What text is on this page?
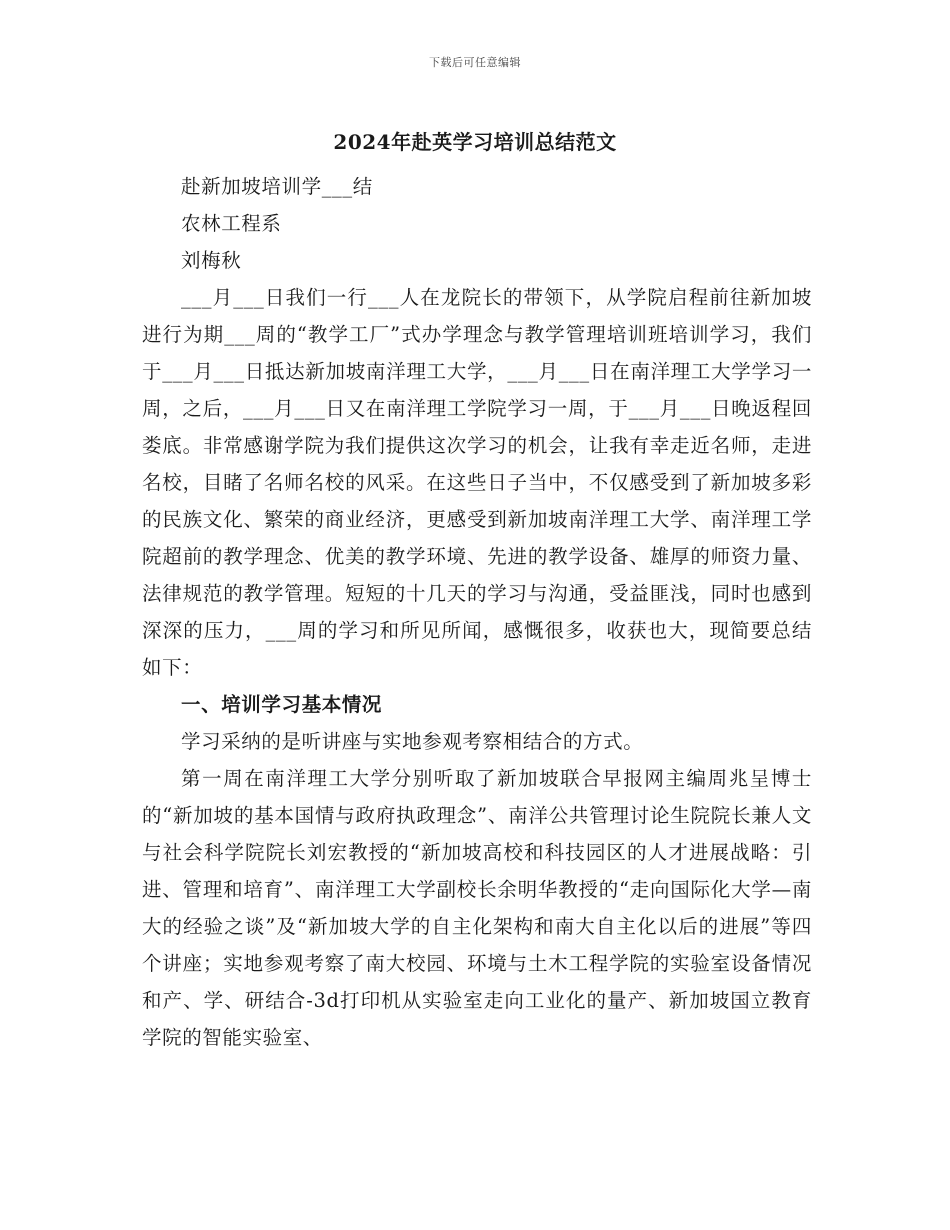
下载后可任意编辑
2024年赴英学习培训总结范文

赴新加坡培训学___结

农林工程系

刘梅秋

___月___日我们一行___人在龙院长的带领下，从学院启程前往新加坡进行为期___周的“教学工厂”式办学理念与教学管理培训班培训学习，我们于___月___日抵达新加坡南洋理工大学，___月___日在南洋理工大学学习一周，之后，___月___日又在南洋理工学院学习一周，于___月___日晚返程回娄底。非常感谢学院为我们提供这次学习的机会，让我有幸走近名师，走进名校，目睹了名师名校的风采。在这些日子当中，不仅感受到了新加坡多彩的民族文化、繁荣的商业经济，更感受到新加坡南洋理工大学、南洋理工学院超前的教学理念、优美的教学环境、先进的教学设备、雄厚的师资力量、法律规范的教学管理。短短的十几天的学习与沟通，受益匪浅，同时也感到深深的压力，___周的学习和所见所闻，感慨很多，收获也大，现简要总结如下：

一、培训学习基本情况

学习采纳的是听讲座与实地参观考察相结合的方式。

第一周在南洋理工大学分别听取了新加坡联合早报网主编周兆呈博士的“新加坡的基本国情与政府执政理念”、南洋公共管理讨论生院院长兼人文与社会科学院院长刘宏教授的“新加坡高校和科技园区的人才进展战略：引进、管理和培育”、南洋理工大学副校长余明华教授的“走向国际化大学—南大的经验之谈”及“新加坡大学的自主化架构和南大自主化以后的进展”等四个讲座；实地参观考察了南大校园、环境与土木工程学院的实验室设备情况和产、学、研结合-3d打印机从实验室走向工业化的量产、新加坡国立教育学院的智能实验室、
